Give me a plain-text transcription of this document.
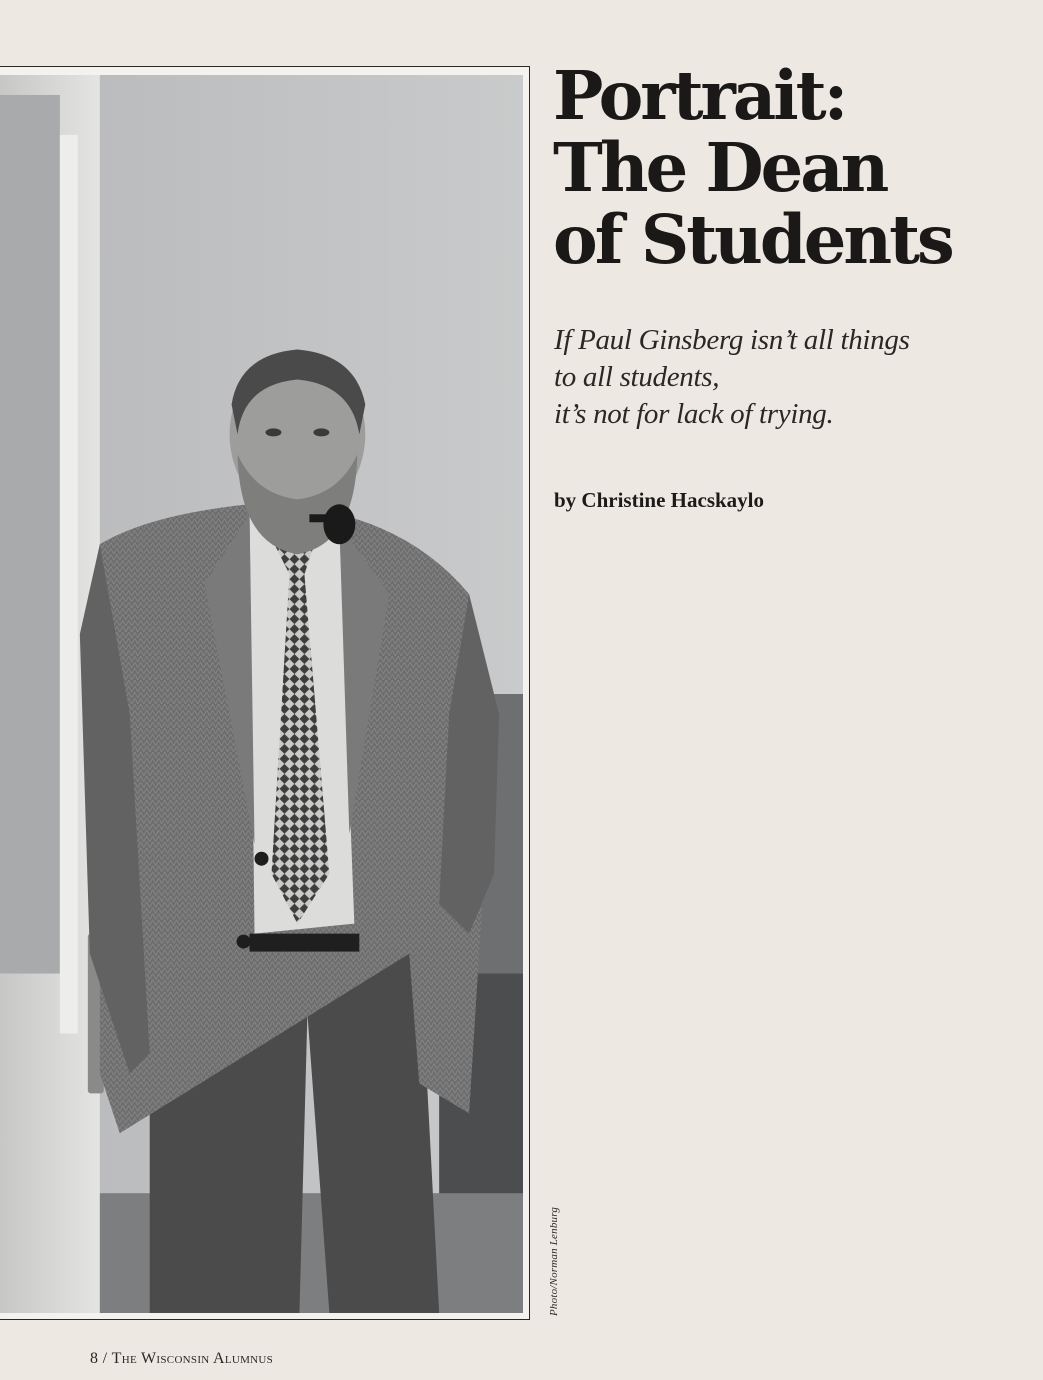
Photo/Norman Lenburg
Portrait:
The Dean
of Students

If Paul Ginsberg isn’t all things
to all students,
it’s not for lack of trying.

by Christine Hacskaylo

8 / The Wisconsin Alumnus
